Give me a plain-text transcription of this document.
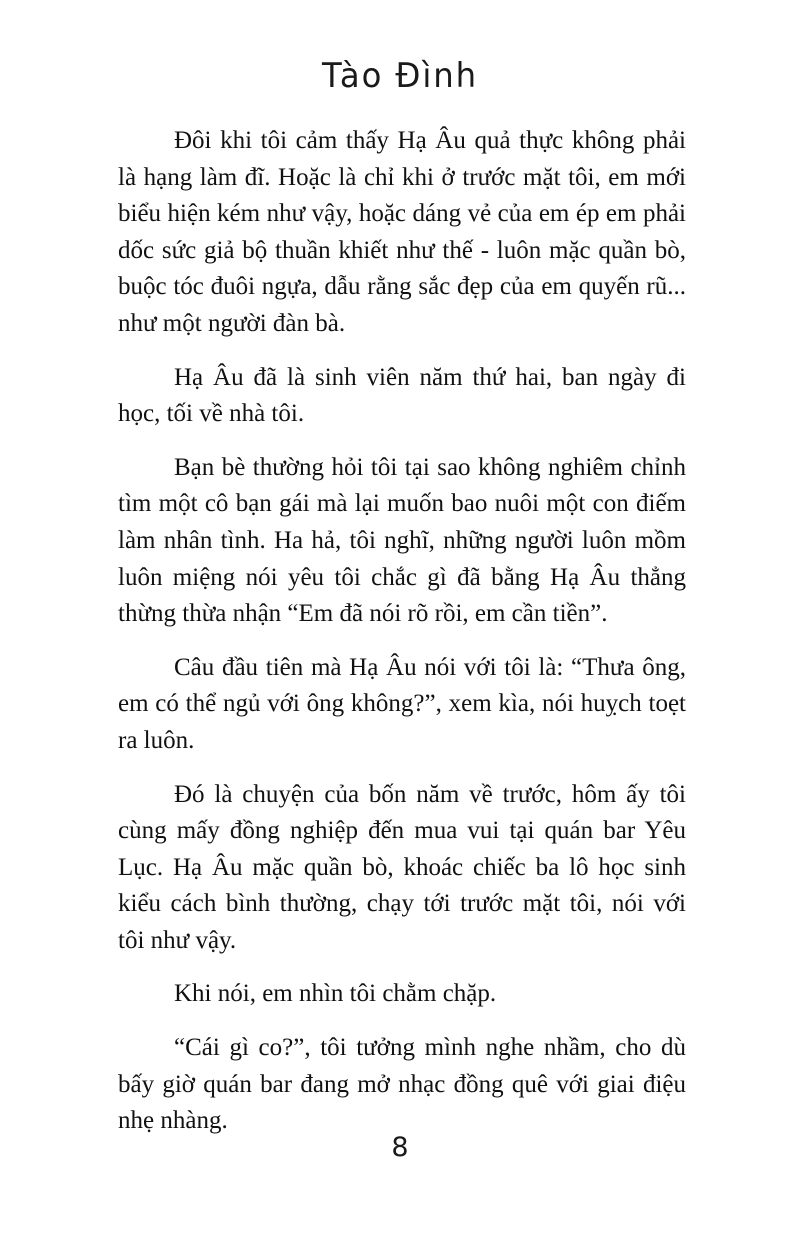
Tào Đình

Đôi khi tôi cảm thấy Hạ Âu quả thực không phải là hạng làm đĩ. Hoặc là chỉ khi ở trước mặt tôi, em mới biểu hiện kém như vậy, hoặc dáng vẻ của em ép em phải dốc sức giả bộ thuần khiết như thế - luôn mặc quần bò, buộc tóc đuôi ngựa, dẫu rằng sắc đẹp của em quyến rũ... như một người đàn bà.

Hạ Âu đã là sinh viên năm thứ hai, ban ngày đi học, tối về nhà tôi.

Bạn bè thường hỏi tôi tại sao không nghiêm chỉnh tìm một cô bạn gái mà lại muốn bao nuôi một con điếm làm nhân tình. Ha hả, tôi nghĩ, những người luôn mồm luôn miệng nói yêu tôi chắc gì đã bằng Hạ Âu thẳng thừng thừa nhận “Em đã nói rõ rồi, em cần tiền”.

Câu đầu tiên mà Hạ Âu nói với tôi là: “Thưa ông, em có thể ngủ với ông không?”, xem kìa, nói huỵch toẹt ra luôn.

Đó là chuyện của bốn năm về trước, hôm ấy tôi cùng mấy đồng nghiệp đến mua vui tại quán bar Yêu Lục. Hạ Âu mặc quần bò, khoác chiếc ba lô học sinh kiểu cách bình thường, chạy tới trước mặt tôi, nói với tôi như vậy.

Khi nói, em nhìn tôi chằm chặp.

“Cái gì co?”, tôi tưởng mình nghe nhầm, cho dù bấy giờ quán bar đang mở nhạc đồng quê với giai điệu nhẹ nhàng.

8
